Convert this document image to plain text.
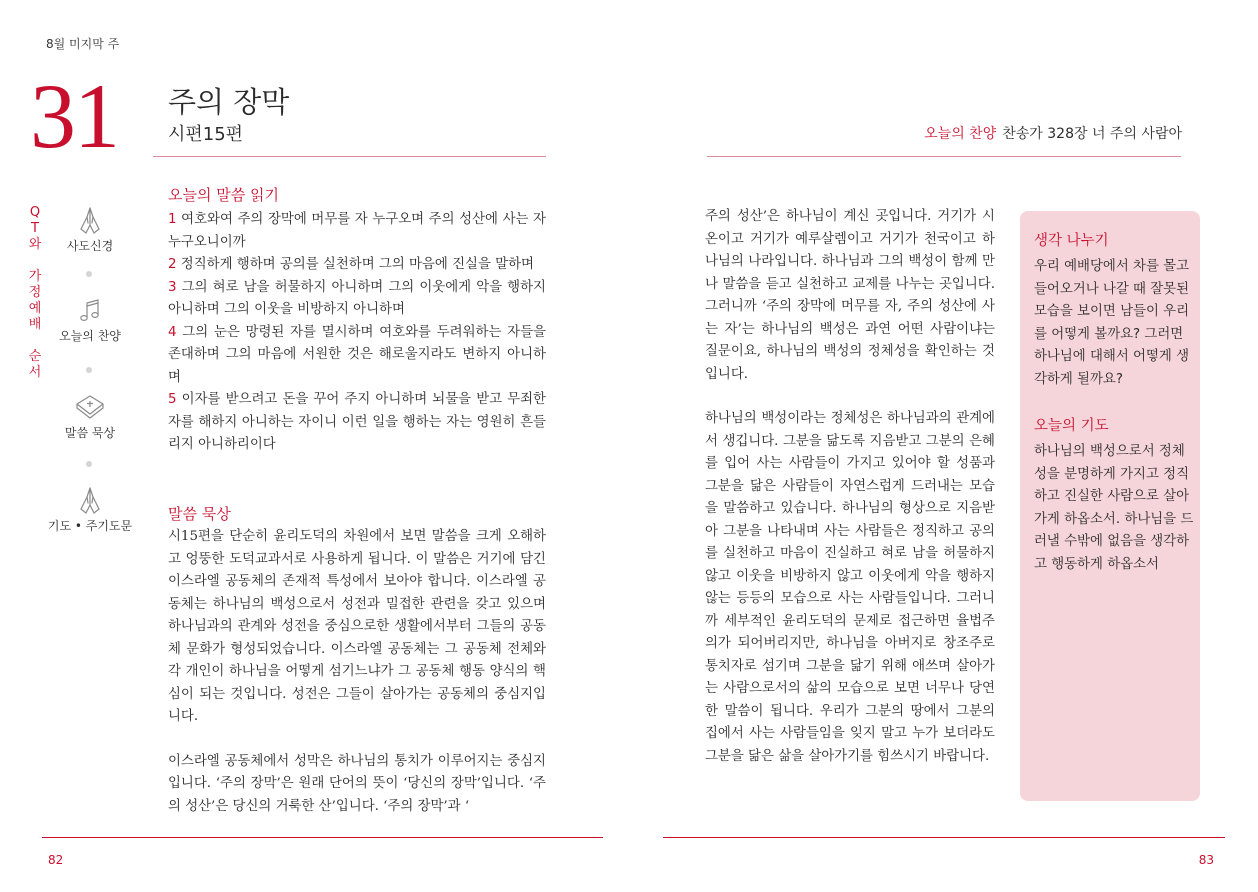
8월 미지막 주
31 주의 장막
시편15편	오늘의 찬양 찬송가 328장 너 주의 사람아
Q
T
와

가
정
예
배

순
서
사도신경
오늘의 찬양
말씀 묵상
기도 • 주기도문
오늘의 말씀 읽기
1 여호와여 주의 장막에 머무를 자 누구오며 주의 성산에 사는 자 누구오니이까
2 정직하게 행하며 공의를 실천하며 그의 마음에 진실을 말하며
3 그의 혀로 남을 허물하지 아니하며 그의 이웃에게 악을 행하지 아니하며 그의 이웃을 비방하지 아니하며
4 그의 눈은 망령된 자를 멸시하며 여호와를 두려워하는 자들을 존대하며 그의 마음에 서원한 것은 해로울지라도 변하지 아니하며
5 이자를 받으려고 돈을 꾸어 주지 아니하며 뇌물을 받고 무죄한 자를 해하지 아니하는 자이니 이런 일을 행하는 자는 영원히 흔들리지 아니하리이다
말씀 묵상

시15편을 단순히 윤리도덕의 차원에서 보면 말씀을 크게 오해하고 엉뚱한 도덕교과서로 사용하게 됩니다. 이 말씀은 거기에 담긴 이스라엘 공동체의 존재적 특성에서 보아야 합니다. 이스라엘 공동체는 하나님의 백성으로서 성전과 밀접한 관련을 갖고 있으며 하나님과의 관계와 성전을 중심으로한 생활에서부터 그들의 공동체 문화가 형성되었습니다. 이스라엘 공동체는 그 공동체 전체와 각 개인이 하나님을 어떻게 섬기느냐가 그 공동체 행동 양식의 핵심이 되는 것입니다. 성전은 그들이 살아가는 공동체의 중심지입니다.

이스라엘 공동체에서 성막은 하나님의 통치가 이루어지는 중심지입니다. ‘주의 장막’은 원래 단어의 뜻이 ‘당신의 장막’입니다. ‘주의 성산’은 당신의 거룩한 산’입니다. ‘주의 장막’과 ‘

주의 성산’은 하나님이 계신 곳입니다. 거기가 시온이고 거기가 예루살렘이고 거기가 천국이고 하나님의 나라입니다. 하나님과 그의 백성이 함께 만나 말씀을 듣고 실천하고 교제를 나누는 곳입니다. 그러니까 ‘주의 장막에 머무를 자, 주의 성산에 사는 자’는 하나님의 백성은 과연 어떤 사람이냐는 질문이요, 하나님의 백성의 정체성을 확인하는 것입니다.

하나님의 백성이라는 정체성은 하나님과의 관계에서 생깁니다. 그분을 닮도록 지음받고 그분의 은혜를 입어 사는 사람들이 가지고 있어야 할 성품과 그분을 닮은 사람들이 자연스럽게 드러내는 모습을 말씀하고 있습니다. 하나님의 형상으로 지음받아 그분을 나타내며 사는 사람들은 정직하고 공의를 실천하고 마음이 진실하고 혀로 남을 허물하지 않고 이웃을 비방하지 않고 이웃에게 악을 행하지 않는 등등의 모습으로 사는 사람들입니다. 그러니까 세부적인 윤리도덕의 문제로 접근하면 율법주의가 되어버리지만, 하나님을 아버지로 창조주로 통치자로 섬기며 그분을 닮기 위해 애쓰며 살아가는 사람으로서의 삶의 모습으로 보면 너무나 당연한 말씀이 됩니다. 우리가 그분의 땅에서 그분의 집에서 사는 사람들임을 잊지 말고 누가 보더라도 그분을 닮은 삶을 살아가기를 힘쓰시기 바랍니다.

생각 나누기
우리 예배당에서 차를 몰고 들어오거나 나갈 때 잘못된 모습을 보이면 남들이 우리를 어떻게 볼까요? 그러면 하나님에 대해서 어떻게 생각하게 될까요?
오늘의 기도
하나님의 백성으로서 정체성을 분명하게 가지고 정직하고 진실한 사람으로 살아가게 하옵소서. 하나님을 드러낼 수밖에 없음을 생각하고 행동하게 하옵소서
82	83
